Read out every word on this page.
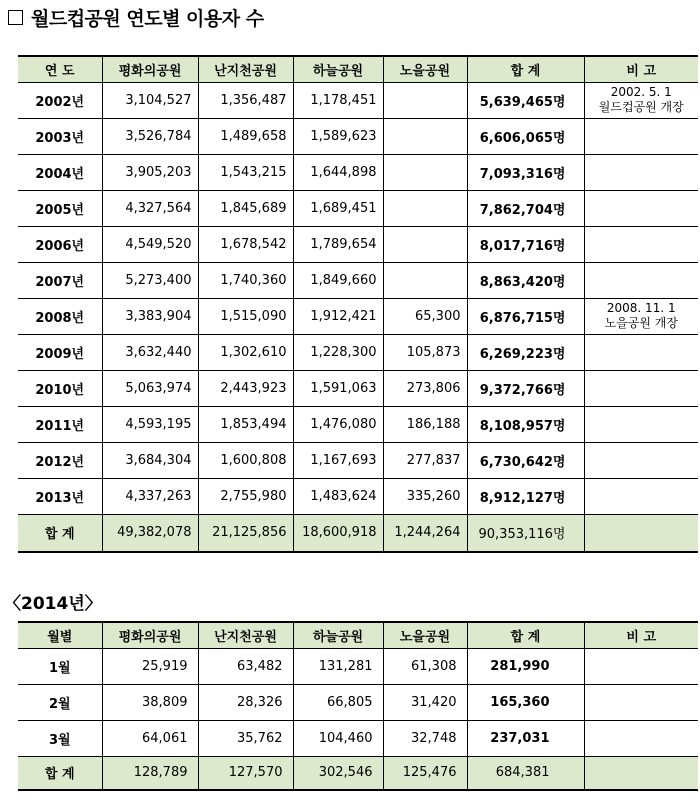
월드컵공원 연도별 이용자 수
연 도	평화의공원	난지천공원	하늘공원	노을공원	합 계	비 고
2002년	3,104,527	1,356,487	1,178,451		5,639,465명	2002. 5. 1
월드컵공원 개장

2003년	3,526,784	1,489,658	1,589,623		6,606,065명	
2004년	3,905,203	1,543,215	1,644,898		7,093,316명	
2005년	4,327,564	1,845,689	1,689,451		7,862,704명	
2006년	4,549,520	1,678,542	1,789,654		8,017,716명	
2007년	5,273,400	1,740,360	1,849,660		8,863,420명	
2008년	3,383,904	1,515,090	1,912,421	65,300	6,876,715명	2008. 11. 1
노을공원 개장

2009년	3,632,440	1,302,610	1,228,300	105,873	6,269,223명	
2010년	5,063,974	2,443,923	1,591,063	273,806	9,372,766명	
2011년	4,593,195	1,853,494	1,476,080	186,188	8,108,957명	
2012년	3,684,304	1,600,808	1,167,693	277,837	6,730,642명	
2013년	4,337,263	2,755,980	1,483,624	335,260	8,912,127명	
합 계	49,382,078	21,125,856	18,600,918	1,244,264	90,353,116명	
〈2014년〉
월별	평화의공원	난지천공원	하늘공원	노을공원	합 계	비 고
1월	25,919	63,482	131,281	61,308	281,990	
2월	38,809	28,326	66,805	31,420	165,360	
3월	64,061	35,762	104,460	32,748	237,031	
합 계	128,789	127,570	302,546	125,476	684,381	
